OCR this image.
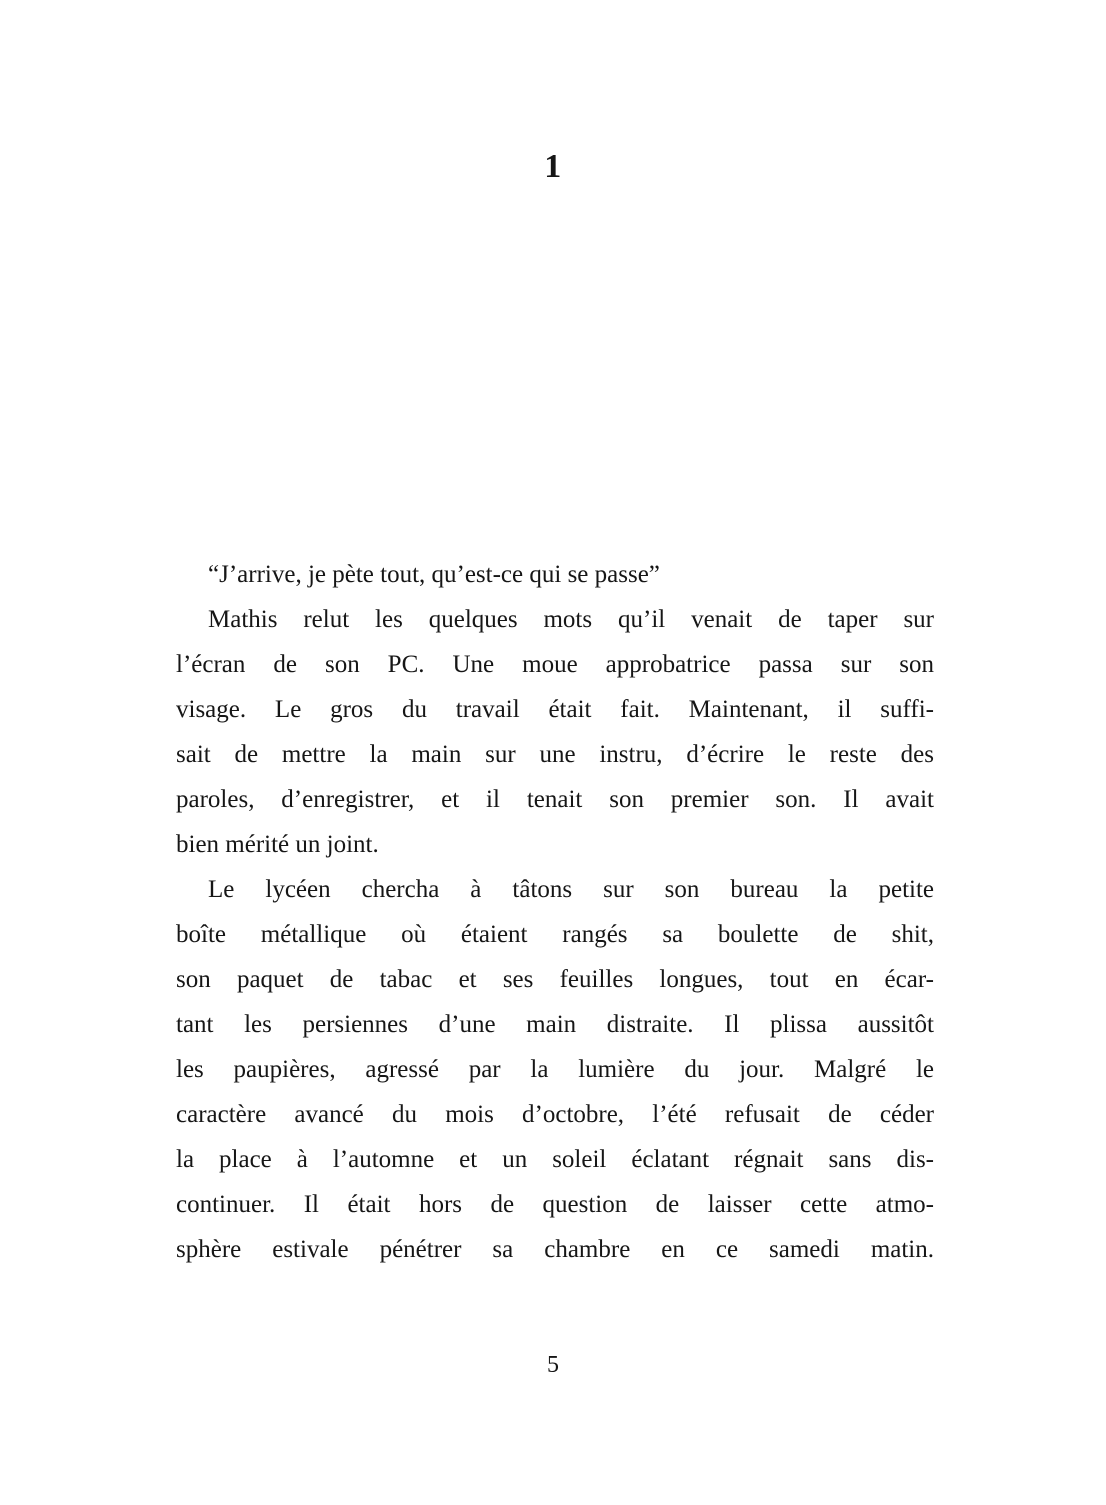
1
“J’arrive, je pète tout, qu’est-ce qui se passe”
Mathis relut les quelques mots qu’il venait de taper sur
l’écran de son PC. Une moue approbatrice passa sur son
visage. Le gros du travail était fait. Maintenant, il suffi-
sait de mettre la main sur une instru, d’écrire le reste des
paroles, d’enregistrer, et il tenait son premier son. Il avait
bien mérité un joint.
Le lycéen chercha à tâtons sur son bureau la petite
boîte métallique où étaient rangés sa boulette de shit,
son paquet de tabac et ses feuilles longues, tout en écar-
tant les persiennes d’une main distraite. Il plissa aussitôt
les paupières, agressé par la lumière du jour. Malgré le
caractère avancé du mois d’octobre, l’été refusait de céder
la place à l’automne et un soleil éclatant régnait sans dis-
continuer. Il était hors de question de laisser cette atmo-
sphère estivale pénétrer sa chambre en ce samedi matin.
5
